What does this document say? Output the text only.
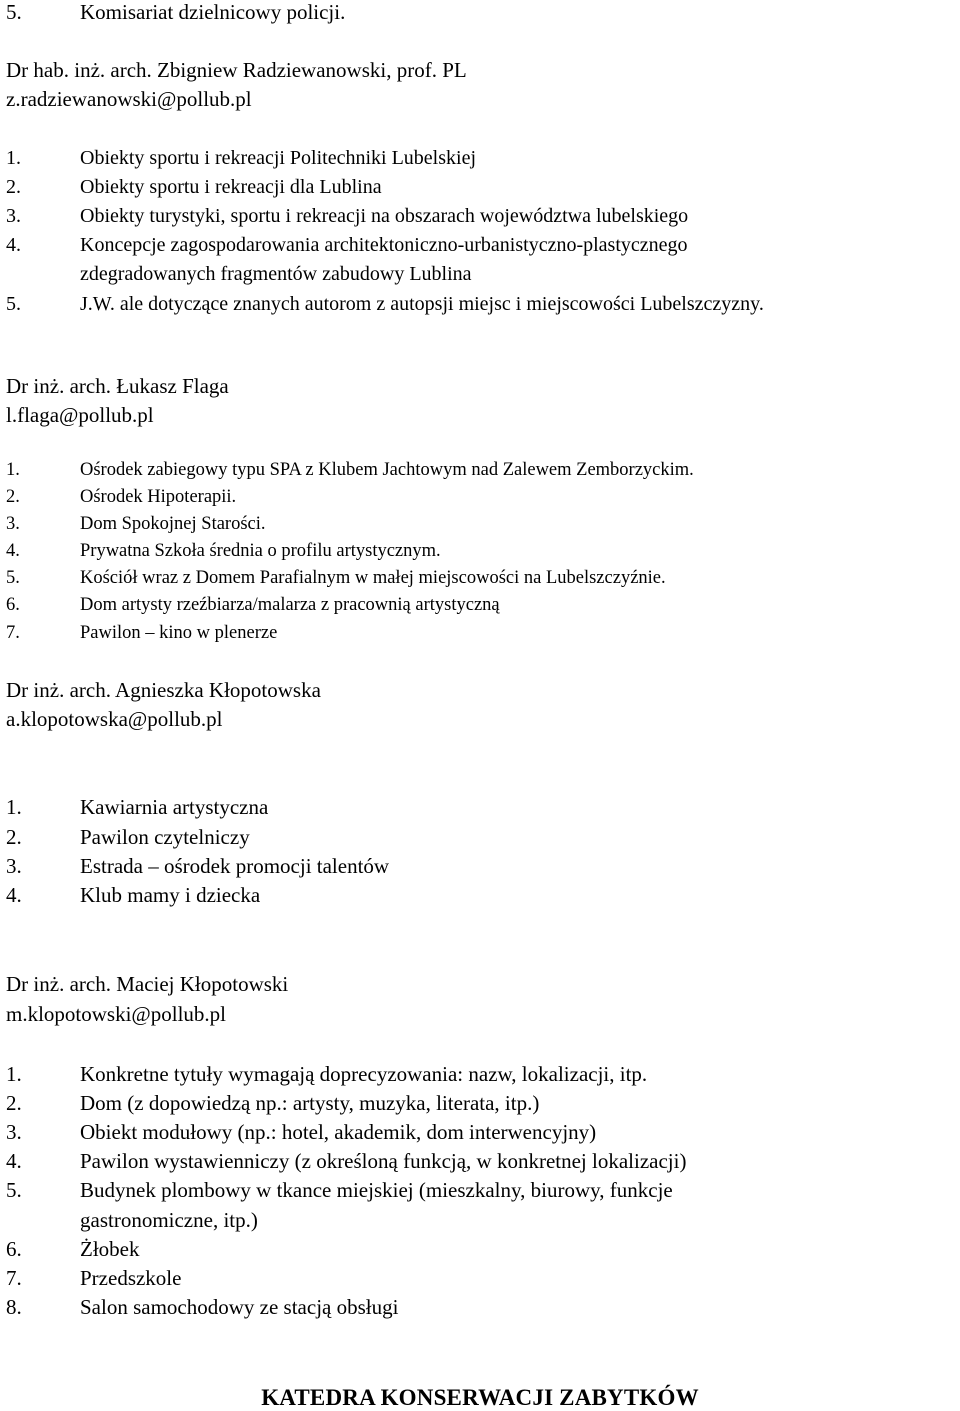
5.	Komisariat dzielnicowy policji.
Dr hab. inż. arch. Zbigniew Radziewanowski, prof. PL
z.radziewanowski@pollub.pl
1.	Obiekty sportu i rekreacji Politechniki Lubelskiej
2.	Obiekty sportu i rekreacji dla Lublina
3.	Obiekty turystyki, sportu i rekreacji na obszarach województwa lubelskiego
4.	Koncepcje zagospodarowania architektoniczno-urbanistyczno-plastycznego
zdegradowanych fragmentów zabudowy Lublina
5.	J.W. ale dotyczące znanych autorom z autopsji miejsc i miejscowości Lubelszczyzny.
Dr inż. arch. Łukasz Flaga
l.flaga@pollub.pl
1.	Ośrodek zabiegowy typu SPA z Klubem Jachtowym nad Zalewem Zemborzyckim.
2.	Ośrodek Hipoterapii.
3.	Dom Spokojnej Starości.
4.	Prywatna Szkoła średnia o profilu artystycznym.
5.	Kościół wraz z Domem Parafialnym w małej miejscowości na Lubelszczyźnie.
6.	Dom artysty rzeźbiarza/malarza z pracownią artystyczną
7.	Pawilon – kino w plenerze
Dr inż. arch. Agnieszka Kłopotowska
a.klopotowska@pollub.pl
1.	Kawiarnia artystyczna
2.	Pawilon czytelniczy
3.	Estrada – ośrodek promocji talentów
4.	Klub mamy i dziecka
Dr inż. arch. Maciej Kłopotowski
m.klopotowski@pollub.pl
1.	Konkretne tytuły wymagają doprecyzowania: nazw, lokalizacji, itp.
2.	Dom (z dopowiedzą np.: artysty, muzyka, literata, itp.)
3.	Obiekt modułowy (np.: hotel, akademik, dom interwencyjny)
4.	Pawilon wystawienniczy (z określoną funkcją, w konkretnej lokalizacji)
5.	Budynek plombowy w tkance miejskiej (mieszkalny, biurowy, funkcje
gastronomiczne, itp.)
6.	Żłobek
7.	Przedszkole
8.	Salon samochodowy ze stacją obsługi
KATEDRA KONSERWACJI ZABYTKÓW
